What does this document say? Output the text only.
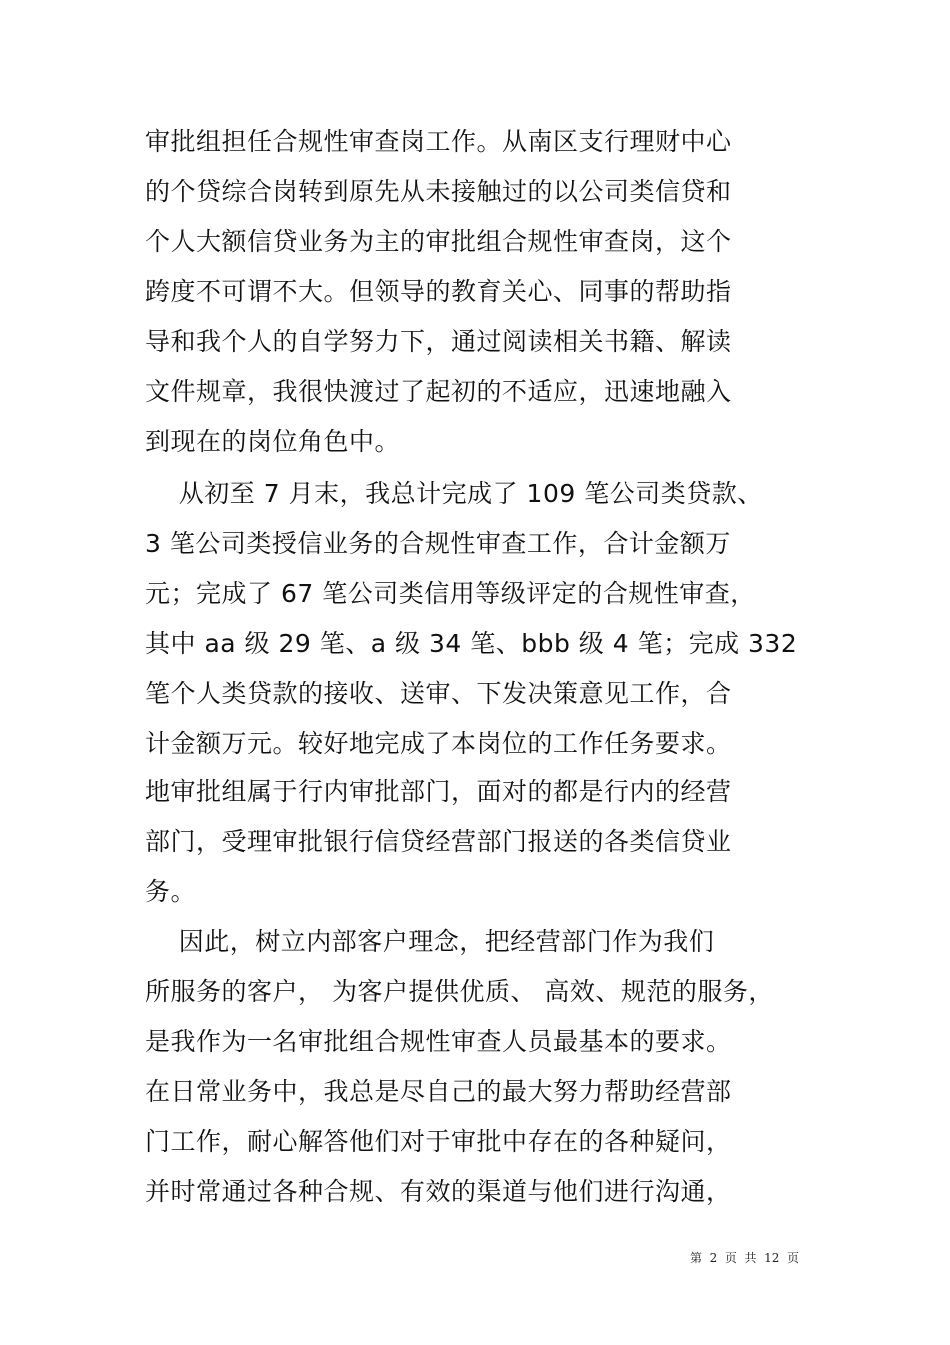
审批组担任合规性审查岗工作。从南区支行理财中心
的个贷综合岗转到原先从未接触过的以公司类信贷和
个人大额信贷业务为主的审批组合规性审查岗，这个
跨度不可谓不大。但领导的教育关心、同事的帮助指
导和我个人的自学努力下，通过阅读相关书籍、解读
文件规章，我很快渡过了起初的不适应，迅速地融入
到现在的岗位角色中。
从初至 7 月末，我总计完成了 109 笔公司类贷款、
3 笔公司类授信业务的合规性审查工作，合计金额万
元；完成了 67 笔公司类信用等级评定的合规性审查，
其中 aa 级 29 笔、a 级 34 笔、bbb 级 4 笔；完成 332
笔个人类贷款的接收、送审、下发决策意见工作，合
计金额万元。较好地完成了本岗位的工作任务要求。
地审批组属于行内审批部门，面对的都是行内的经营
部门，受理审批银行信贷经营部门报送的各类信贷业
务。
因此，树立内部客户理念，把经营部门作为我们
所服务的客户， 为客户提供优质、 高效、规范的服务，
是我作为一名审批组合规性审查人员最基本的要求。
在日常业务中，我总是尽自己的最大努力帮助经营部
门工作，耐心解答他们对于审批中存在的各种疑问，
并时常通过各种合规、有效的渠道与他们进行沟通，
第  2  页  共  12  页
